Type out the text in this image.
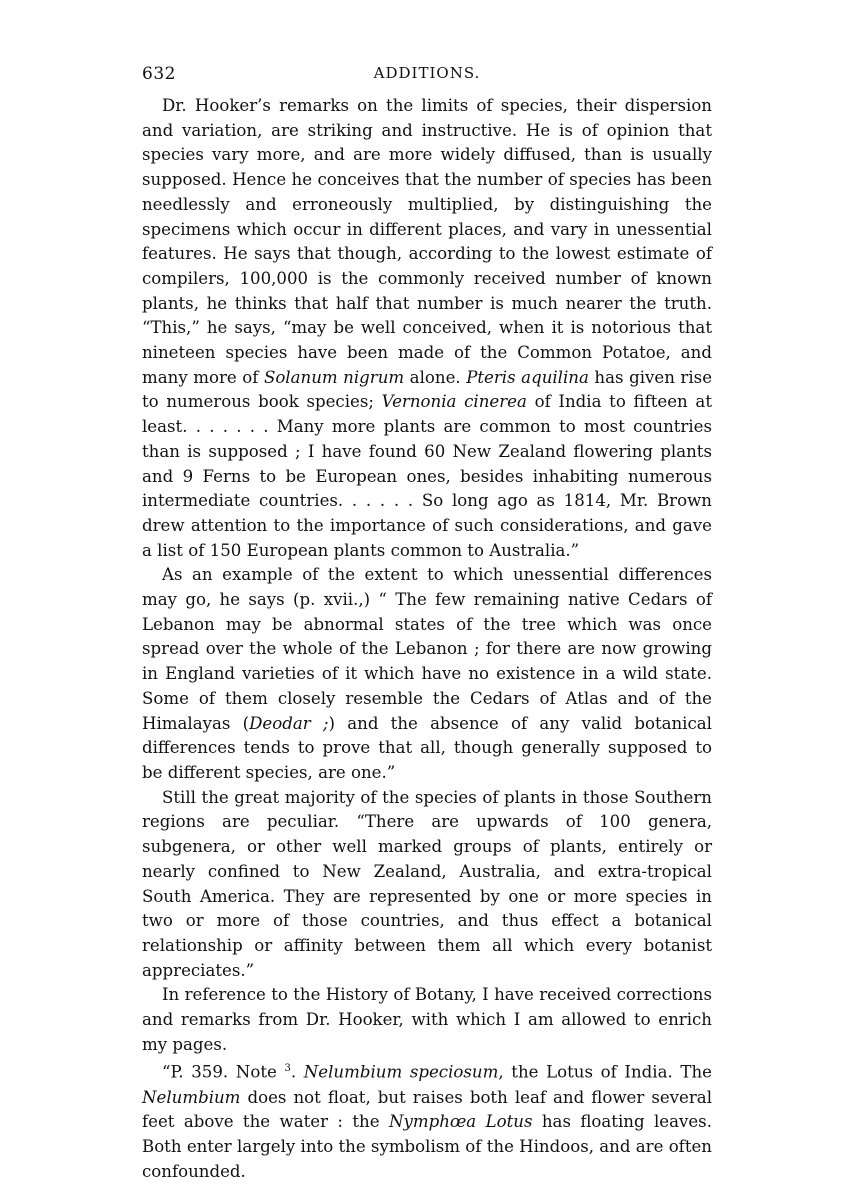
632	ADDITIONS.

Dr. Hooker’s remarks on the limits of species, their dispersion and variation, are striking and instructive. He is of opinion that species vary more, and are more widely diffused, than is usually supposed. Hence he conceives that the number of species has been needlessly and erroneously multiplied, by distinguishing the specimens which occur in different places, and vary in unessential features. He says that though, according to the lowest estimate of compilers, 100,000 is the commonly received number of known plants, he thinks that half that number is much nearer the truth. “This,” he says, “may be well conceived, when it is notorious that nineteen species have been made of the Common Potatoe, and many more of Solanum nigrum alone. Pteris aquilina has given rise to numerous book species; Vernonia cinerea of India to fifteen at least. . . . . . . Many more plants are common to most countries than is supposed ; I have found 60 New Zealand flowering plants and 9 Ferns to be European ones, besides inhabiting numerous intermediate countries. . . . . . So long ago as 1814, Mr. Brown drew attention to the importance of such considerations, and gave a list of 150 European plants common to Australia.”

As an example of the extent to which unessential differences may go, he says (p. xvii.,) “ The few remaining native Cedars of Lebanon may be abnormal states of the tree which was once spread over the whole of the Lebanon ; for there are now growing in England varieties of it which have no existence in a wild state. Some of them closely resemble the Cedars of Atlas and of the Himalayas (Deodar ;) and the absence of any valid botanical differences tends to prove that all, though generally supposed to be different species, are one.”

Still the great majority of the species of plants in those Southern regions are peculiar. “There are upwards of 100 genera, subgenera, or other well marked groups of plants, entirely or nearly confined to New Zealand, Australia, and extra-tropical South America. They are represented by one or more species in two or more of those countries, and thus effect a botanical relationship or affinity between them all which every botanist appreciates.”

In reference to the History of Botany, I have received corrections and remarks from Dr. Hooker, with which I am allowed to enrich my pages.

“P. 359. Note $^3$. Nelumbium speciosum, the Lotus of India. The Nelumbium does not float, but raises both leaf and flower several feet above the water : the Nymphœa Lotus has floating leaves. Both enter largely into the symbolism of the Hindoos, and are often confounded.
